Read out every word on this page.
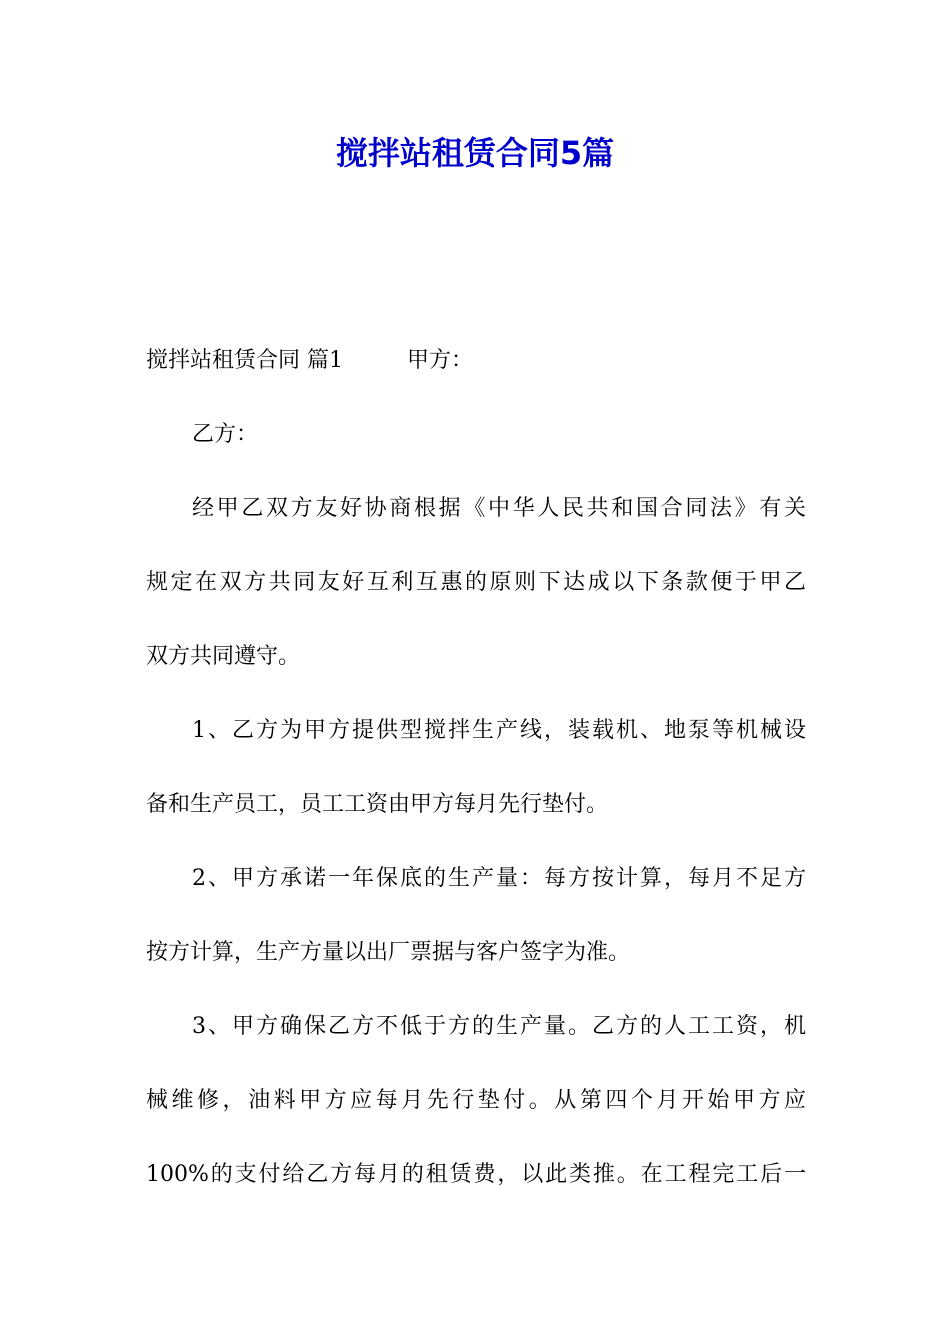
搅拌站租赁合同5篇

搅拌站租赁合同 篇1	甲方：

乙方：

经甲乙双方友好协商根据《中华人民共和国合同法》有关

规定在双方共同友好互利互惠的原则下达成以下条款便于甲乙

双方共同遵守。

1、乙方为甲方提供型搅拌生产线，装载机、地泵等机械设

备和生产员工，员工工资由甲方每月先行垫付。

2、甲方承诺一年保底的生产量：每方按计算，每月不足方

按方计算，生产方量以出厂票据与客户签字为准。

3、甲方确保乙方不低于方的生产量。乙方的人工工资，机

械维修，油料甲方应每月先行垫付。从第四个月开始甲方应

100%的支付给乙方每月的租赁费，以此类推。在工程完工后一
